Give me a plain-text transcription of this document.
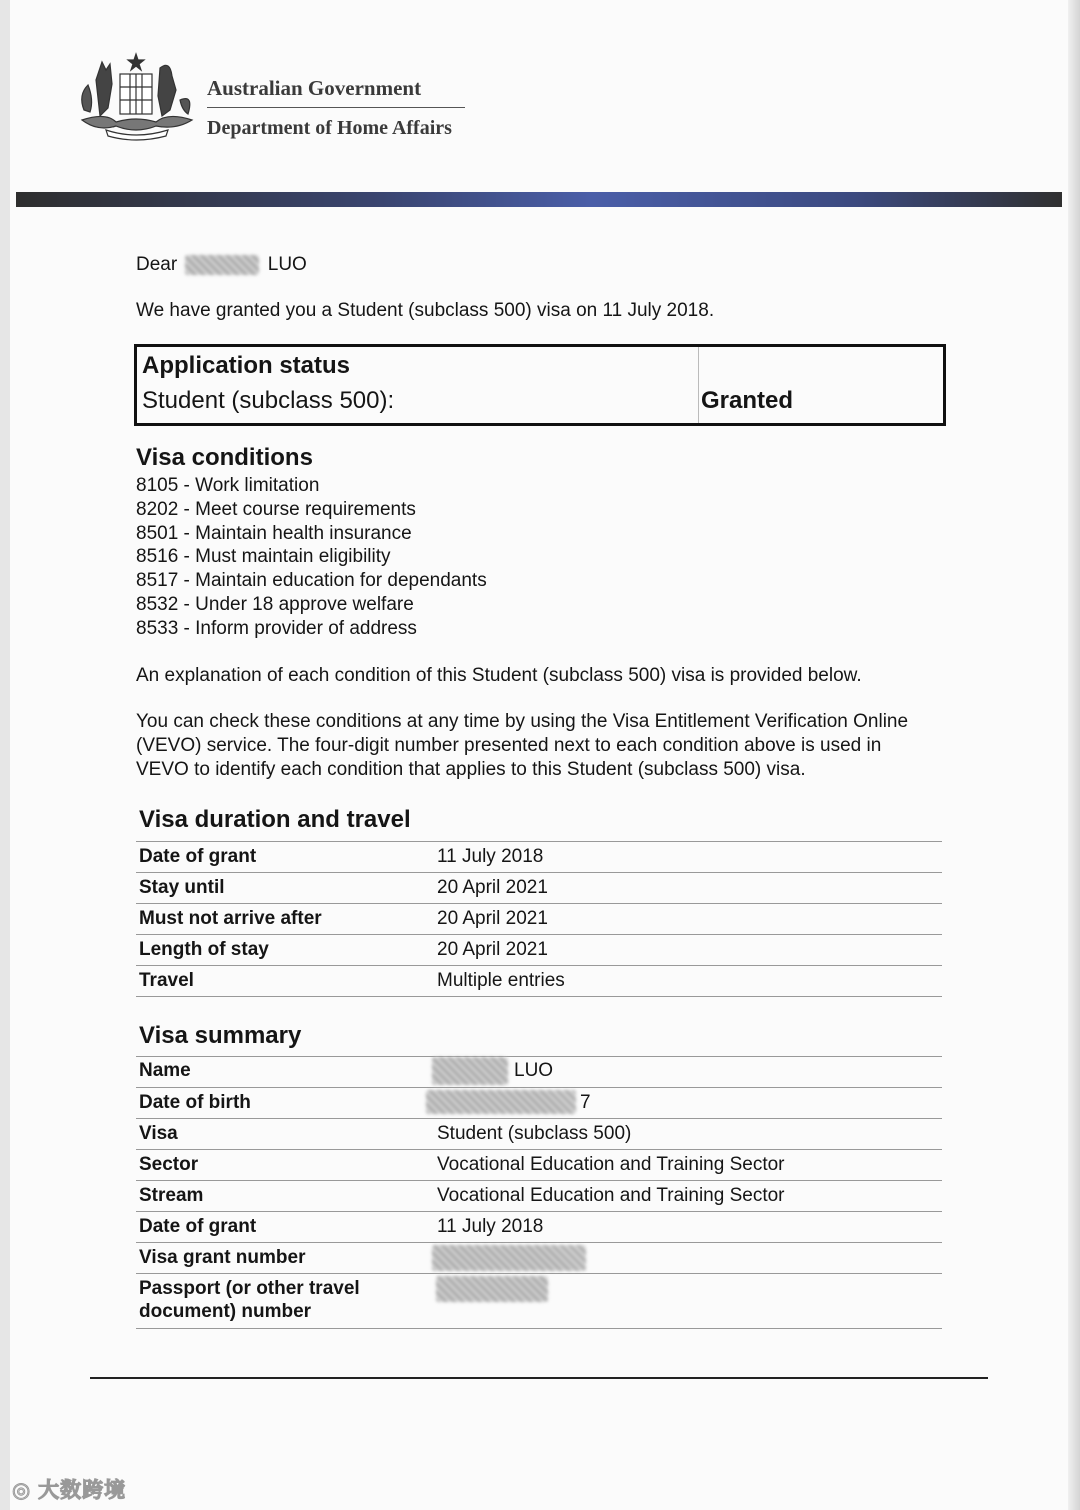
Australian Government
Department of Home Affairs
Dear	LUO
We have granted you a Student (subclass 500) visa on 11 July 2018.
Application status
Student (subclass 500):	Granted
Visa conditions
8105 - Work limitation
8202 - Meet course requirements
8501 - Maintain health insurance
8516 - Must maintain eligibility
8517 - Maintain education for dependants
8532 - Under 18 approve welfare
8533 - Inform provider of address
An explanation of each condition of this Student (subclass 500) visa is provided below.
You can check these conditions at any time by using the Visa Entitlement Verification Online
(VEVO) service. The four-digit number presented next to each condition above is used in
VEVO to identify each condition that applies to this Student (subclass 500) visa.
Visa duration and travel
Date of grant	11 July 2018
Stay until	20 April 2021
Must not arrive after	20 April 2021
Length of stay	20 April 2021
Travel	Multiple entries
Visa summary
Name	LUO
Date of birth	7
Visa	Student (subclass 500)
Sector	Vocational Education and Training Sector
Stream	Vocational Education and Training Sector
Date of grant	11 July 2018
Visa grant number
Passport (or other travel
document) number
◎ 大数跨境
